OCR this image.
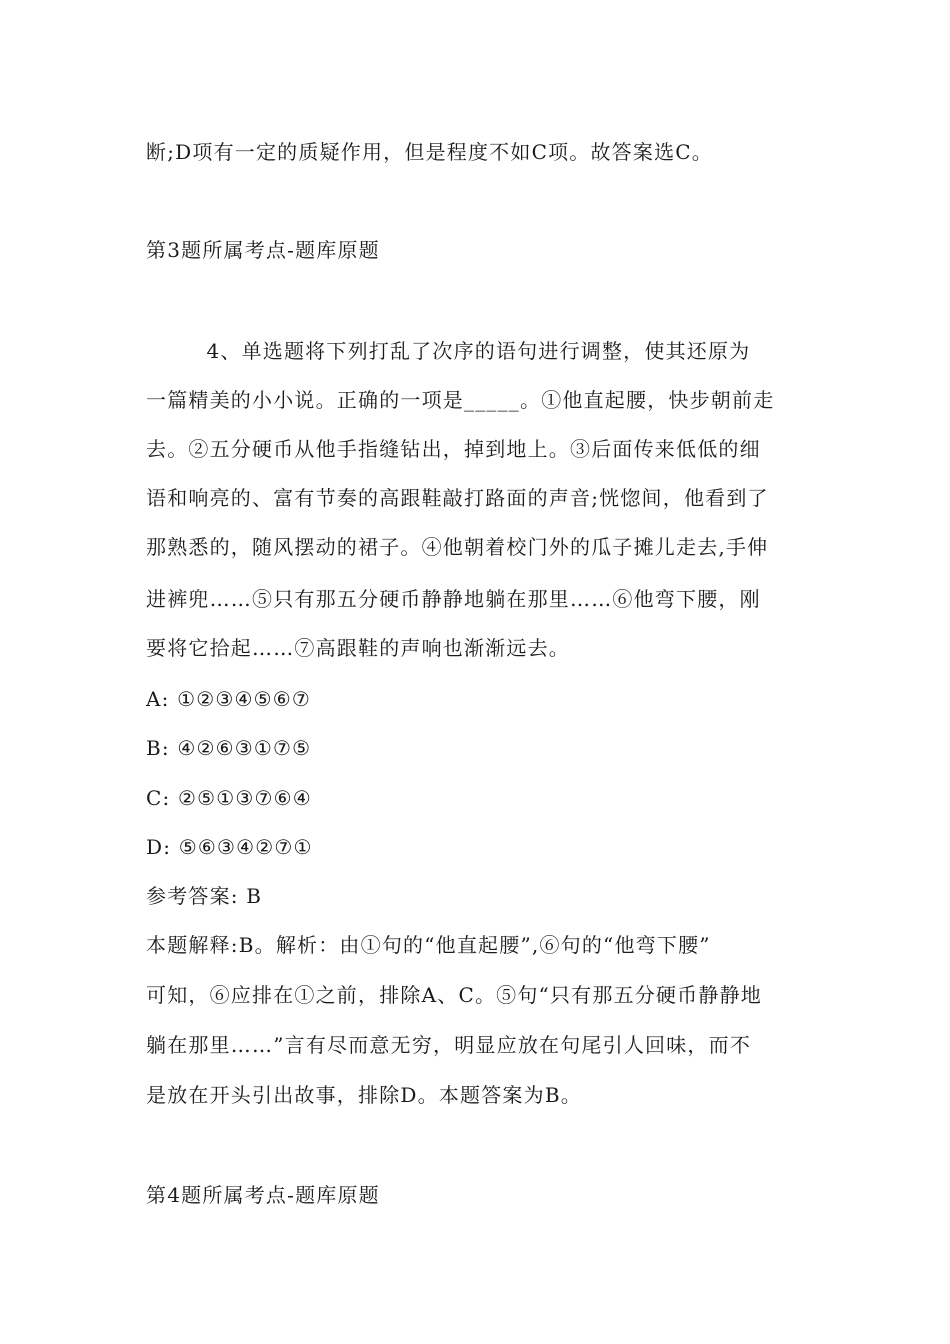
断;D项有一定的质疑作用，但是程度不如C项。故答案选C。
第3题所属考点-题库原题
4、单选题将下列打乱了次序的语句进行调整，使其还原为
一篇精美的小小说。正确的一项是_____。①他直起腰，快步朝前走
去。②五分硬币从他手指缝钻出，掉到地上。③后面传来低低的细
语和响亮的、富有节奏的高跟鞋敲打路面的声音;恍惚间，他看到了
那熟悉的，随风摆动的裙子。④他朝着校门外的瓜子摊儿走去,手伸
进裤兜……⑤只有那五分硬币静静地躺在那里……⑥他弯下腰，刚
要将它拾起……⑦高跟鞋的声响也渐渐远去。
A: ①②③④⑤⑥⑦
B: ④②⑥③①⑦⑤
C: ②⑤①③⑦⑥④
D: ⑤⑥③④②⑦①
参考答案: B
本题解释:B。解析：由①句的“他直起腰”,⑥句的“他弯下腰”
可知，⑥应排在①之前，排除A、C。⑤句“只有那五分硬币静静地
躺在那里……”言有尽而意无穷，明显应放在句尾引人回味，而不
是放在开头引出故事，排除D。本题答案为B。
第4题所属考点-题库原题
